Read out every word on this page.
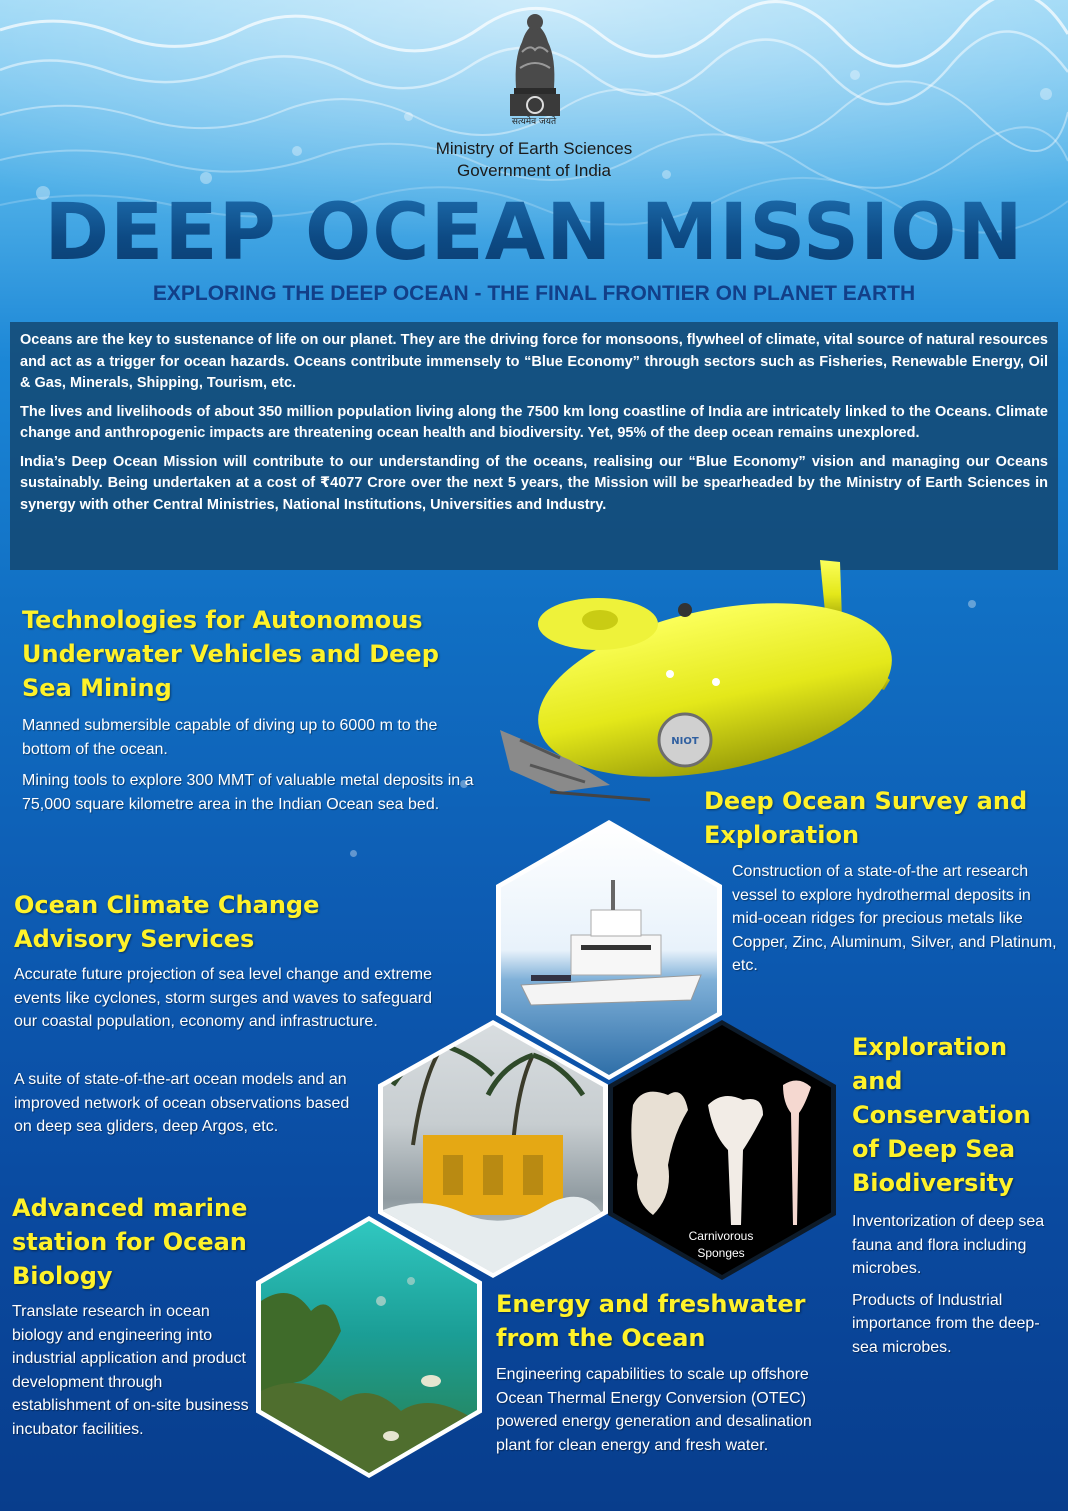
सत्यमेव जयते
Ministry of Earth Sciences
Government of India
DEEP OCEAN MISSION
EXPLORING THE DEEP OCEAN - THE FINAL FRONTIER ON PLANET EARTH

Oceans are the key to sustenance of life on our planet. They are the driving force for monsoons, flywheel of climate, vital source of natural resources and act as a trigger for ocean hazards. Oceans contribute immensely to “Blue Economy” through sectors such as Fisheries, Renewable Energy, Oil & Gas, Minerals, Shipping, Tourism, etc.

The lives and livelihoods of about 350 million population living along the 7500 km long coastline of India are intricately linked to the Oceans. Climate change and anthropogenic impacts are threatening ocean health and biodiversity. Yet, 95% of the deep ocean remains unexplored.

India’s Deep Ocean Mission will contribute to our understanding of the oceans, realising our “Blue Economy” vision and managing our Oceans sustainably. Being undertaken at a cost of ₹4077 Crore over the next 5 years, the Mission will be spearheaded by the Ministry of Earth Sciences in synergy with other Central Ministries, National Institutions, Universities and Industry.

NIOT
Technologies for Autonomous Underwater Vehicles and Deep Sea Mining

Manned submersible capable of diving up to 6000 m to the bottom of the ocean.

Mining tools to explore 300 MMT of valuable metal deposits in a 75,000 square kilometre area in the Indian Ocean sea bed.	Deep Ocean Survey and Exploration

Construction of a state-of-the art research vessel to explore hydrothermal deposits in mid-ocean ridges for precious metals like Copper, Zinc, Aluminum, Silver, and Platinum, etc.

Ocean Climate Change Advisory Services

Accurate future projection of sea level change and extreme events like cyclones, storm surges and waves to safeguard our coastal population, economy and infrastructure.

A suite of state-of-the-art ocean models and an improved network of ocean observations based on deep sea gliders, deep Argos, etc.

Carnivorous Sponges
Exploration and Conservation of Deep Sea Biodiversity

Inventorization of deep sea fauna and flora including microbes.

Products of Industrial importance from the deep-sea microbes.

Advanced marine station for Ocean Biology

Translate research in ocean biology and engineering into industrial application and product development through establishment of on-site business incubator facilities.

Energy and freshwater from the Ocean

Engineering capabilities to scale up offshore Ocean Thermal Energy Conversion (OTEC) powered energy generation and desalination plant for clean energy and fresh water.
